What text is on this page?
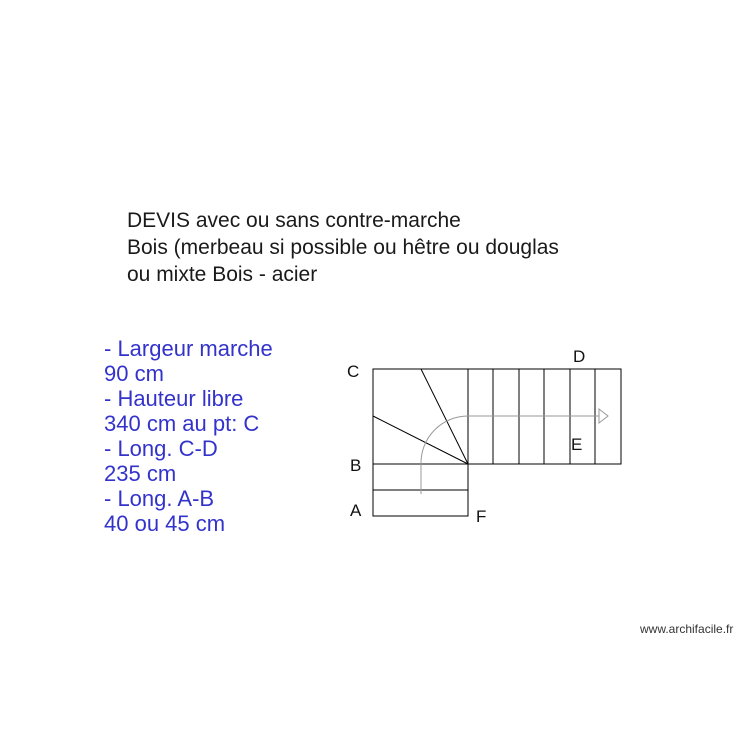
DEVIS avec ou sans contre-marche
Bois (merbeau si possible ou hêtre ou douglas
ou mixte Bois - acier
- Largeur marche
90 cm
- Hauteur libre
340 cm au pt: C
- Long. C-D
235 cm
- Long. A-B
40 ou 45 cm
C
D
E
B
A	F
www.archifacile.fr
